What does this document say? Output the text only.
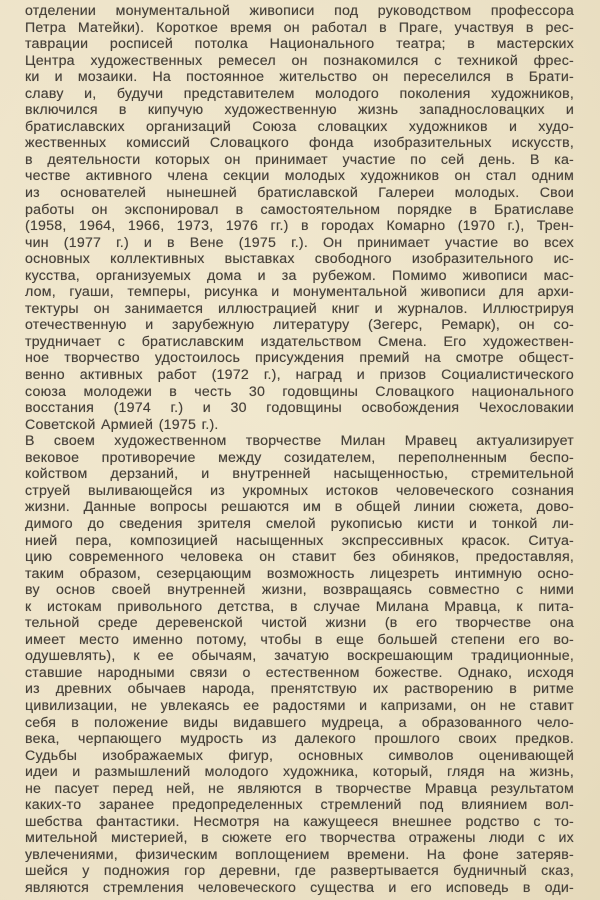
отделении монументальной живописи под руководством профессора
Петра Матейки). Короткое время он работал в Праге, участвуя в рес-
таврации росписей потолка Национального театра; в мастерских
Центра художественных ремесел он познакомился с техникой фрес-
ки и мозаики. На постоянное жительство он переселился в Брати-
славу и, будучи представителем молодого поколения художников,
включился в кипучую художественную жизнь западнословацких и
братиславских организаций Союза словацких художников и худо-
жественных комиссий Словацкого фонда изобразительных искусств,
в деятельности которых он принимает участие по сей день. В ка-
честве активного члена секции молодых художников он стал одним
из основателей нынешней братиславской Галереи молодых. Свои
работы он экспонировал в самостоятельном порядке в Братиславе
(1958, 1964, 1966, 1973, 1976 гг.) в городах Комарно (1970 г.), Трен-
чин (1977 г.) и в Вене (1975 г.). Он принимает участие во всех
основных коллективных выставках свободного изобразительного ис-
кусства, организуемых дома и за рубежом. Помимо живописи мас-
лом, гуаши, темперы, рисунка и монументальной живописи для архи-
тектуры он занимается иллюстрацией книг и журналов. Иллюстрируя
отечественную и зарубежную литературу (Зегерс, Ремарк), он со-
трудничает с братиславским издательством Смена. Его художествен-
ное творчество удостоилось присуждения премий на смотре общест-
венно активных работ (1972 г.), наград и призов Социалистического
союза молодежи в честь 30 годовщины Словацкого национального
восстания (1974 г.) и 30 годовщины освобождения Чехословакии
Советской Армией (1975 г.).

В своем художественном творчестве Милан Мравец актуализирует
вековое противоречие между созидателем, переполненным беспо-
койством дерзаний, и внутренней насыщенностью, стремительной
струей выливающейся из укромных истоков человеческого сознания
жизни. Данные вопросы решаются им в общей линии сюжета, дово-
димого до сведения зрителя смелой рукописью кисти и тонкой ли-
нией пера, композицией насыщенных экспрессивных красок. Ситуа-
цию современного человека он ставит без обиняков, предоставляя,
таким образом, сезерцающим возможность лицезреть интимную осно-
ву основ своей внутренней жизни, возвращаясь совместно с ними
к истокам привольного детства, в случае Милана Мравца, к пита-
тельной среде деревенской чистой жизни (в его творчестве она
имеет место именно потому, чтобы в еще большей степени его во-
одушевлять), к ее обычаям, зачатую воскрешающим традиционные,
ставшие народными связи о естественном божестве. Однако, исходя
из древних обычаев народа, пренятствую их растворению в ритме
цивилизации, не увлекаясь ее радостями и капризами, он не ставит
себя в положение виды видавшего мудреца, а образованного чело-
века, черпающего мудрость из далекого прошлого своих предков.
Судьбы изображаемых фигур, основных символов оценивающей
идеи и размышлений молодого художника, который, глядя на жизнь,
не пасует перед ней, не являются в творчестве Мравца результатом
каких-то заранее предопределенных стремлений под влиянием вол-
шебства фантастики. Несмотря на кажущееся внешнее родство с то-
мительной мистерией, в сюжете его творчества отражены люди с их
увлечениями, физическим воплощением времени. На фоне затеряв-
шейся у подножия гор деревни, где развертывается будничный сказ,
являются стремления человеческого существа и его исповедь в оди-
